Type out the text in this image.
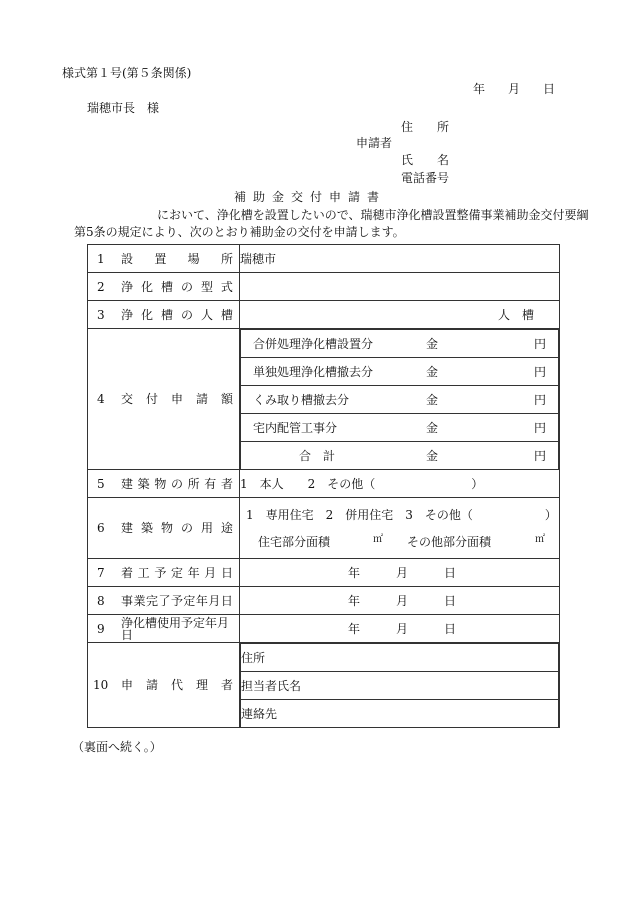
様式第１号(第５条関係)
年 月 日
瑞穂市長　様
住　　所
申請者
氏　　名
電話番号
補助金交付申請書
において、浄化槽を設置したいので、瑞穂市浄化槽設置整備事業補助金交付要綱
第5条の規定により、次のとおり補助金の交付を申請します。
1	設 置 場 所	瑞穂市

2	浄 化 槽 の 型 式

3	浄 化 槽 の 人 槽	人　槽

4	交 付 申 請 額

合併処理浄化槽設置分	金	円

単独処理浄化槽撤去分	金	円

くみ取り槽撤去分	金	円

宅内配管工事分	金	円

合　計	金	円

5	建 築 物 の 所 有 者	1　本人　　2　その他（　　　　　　　　）

6	建 築 物 の 用 途

1　専用住宅　2　併用住宅　3　その他（　　　　　　）
住宅部分面積	㎡ その他部分面積	㎡

7	着 工 予 定 年 月 日	年	月	日

8	事 業 完 了 予 定 年 月 日	年	月	日

9	浄化槽使用予定年月日	年	月	日

10	申 請 代 理 者

住所
担当者氏名
連絡先
（裏面へ続く。）
